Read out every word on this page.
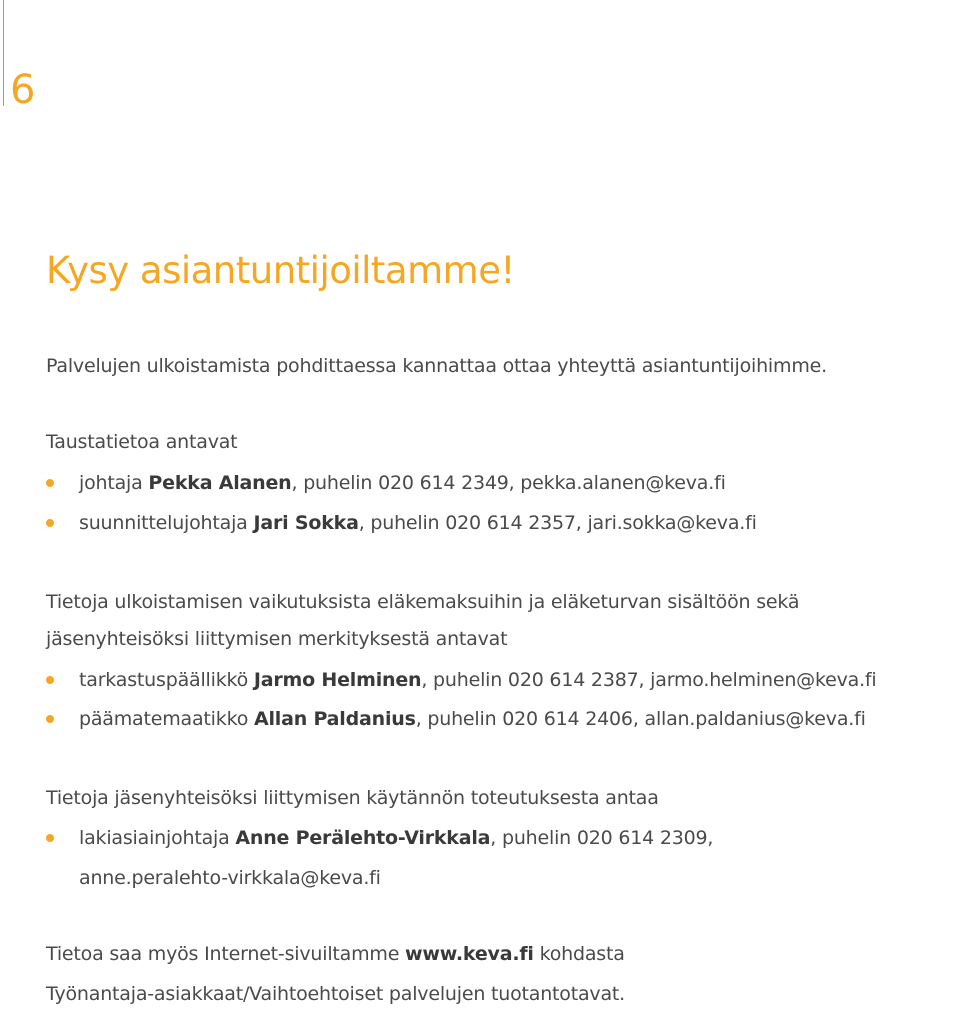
6
Kysy asiantuntijoiltamme!

Palvelujen ulkoistamista pohdittaessa kannattaa ottaa yhteyttä asiantuntijoihimme.

Taustatietoa antavat

johtaja Pekka Alanen, puhelin 020 614 2349, pekka.alanen@keva.fi
suunnittelujohtaja Jari Sokka, puhelin 020 614 2357, jari.sokka@keva.fi

Tietoja ulkoistamisen vaikutuksista eläkemaksuihin ja eläketurvan sisältöön sekä

jäsenyhteisöksi liittymisen merkityksestä antavat

tarkastuspäällikkö Jarmo Helminen, puhelin 020 614 2387, jarmo.helminen@keva.fi
päämatemaatikko Allan Paldanius, puhelin 020 614 2406, allan.paldanius@keva.fi

Tietoja jäsenyhteisöksi liittymisen käytännön toteutuksesta antaa

lakiasiainjohtaja Anne Perälehto-Virkkala, puhelin 020 614 2309,

anne.peralehto-virkkala@keva.fi

Tietoa saa myös Internet-sivuiltamme www.keva.fi kohdasta

Työnantaja-asiakkaat/Vaihtoehtoiset palvelujen tuotantotavat.
